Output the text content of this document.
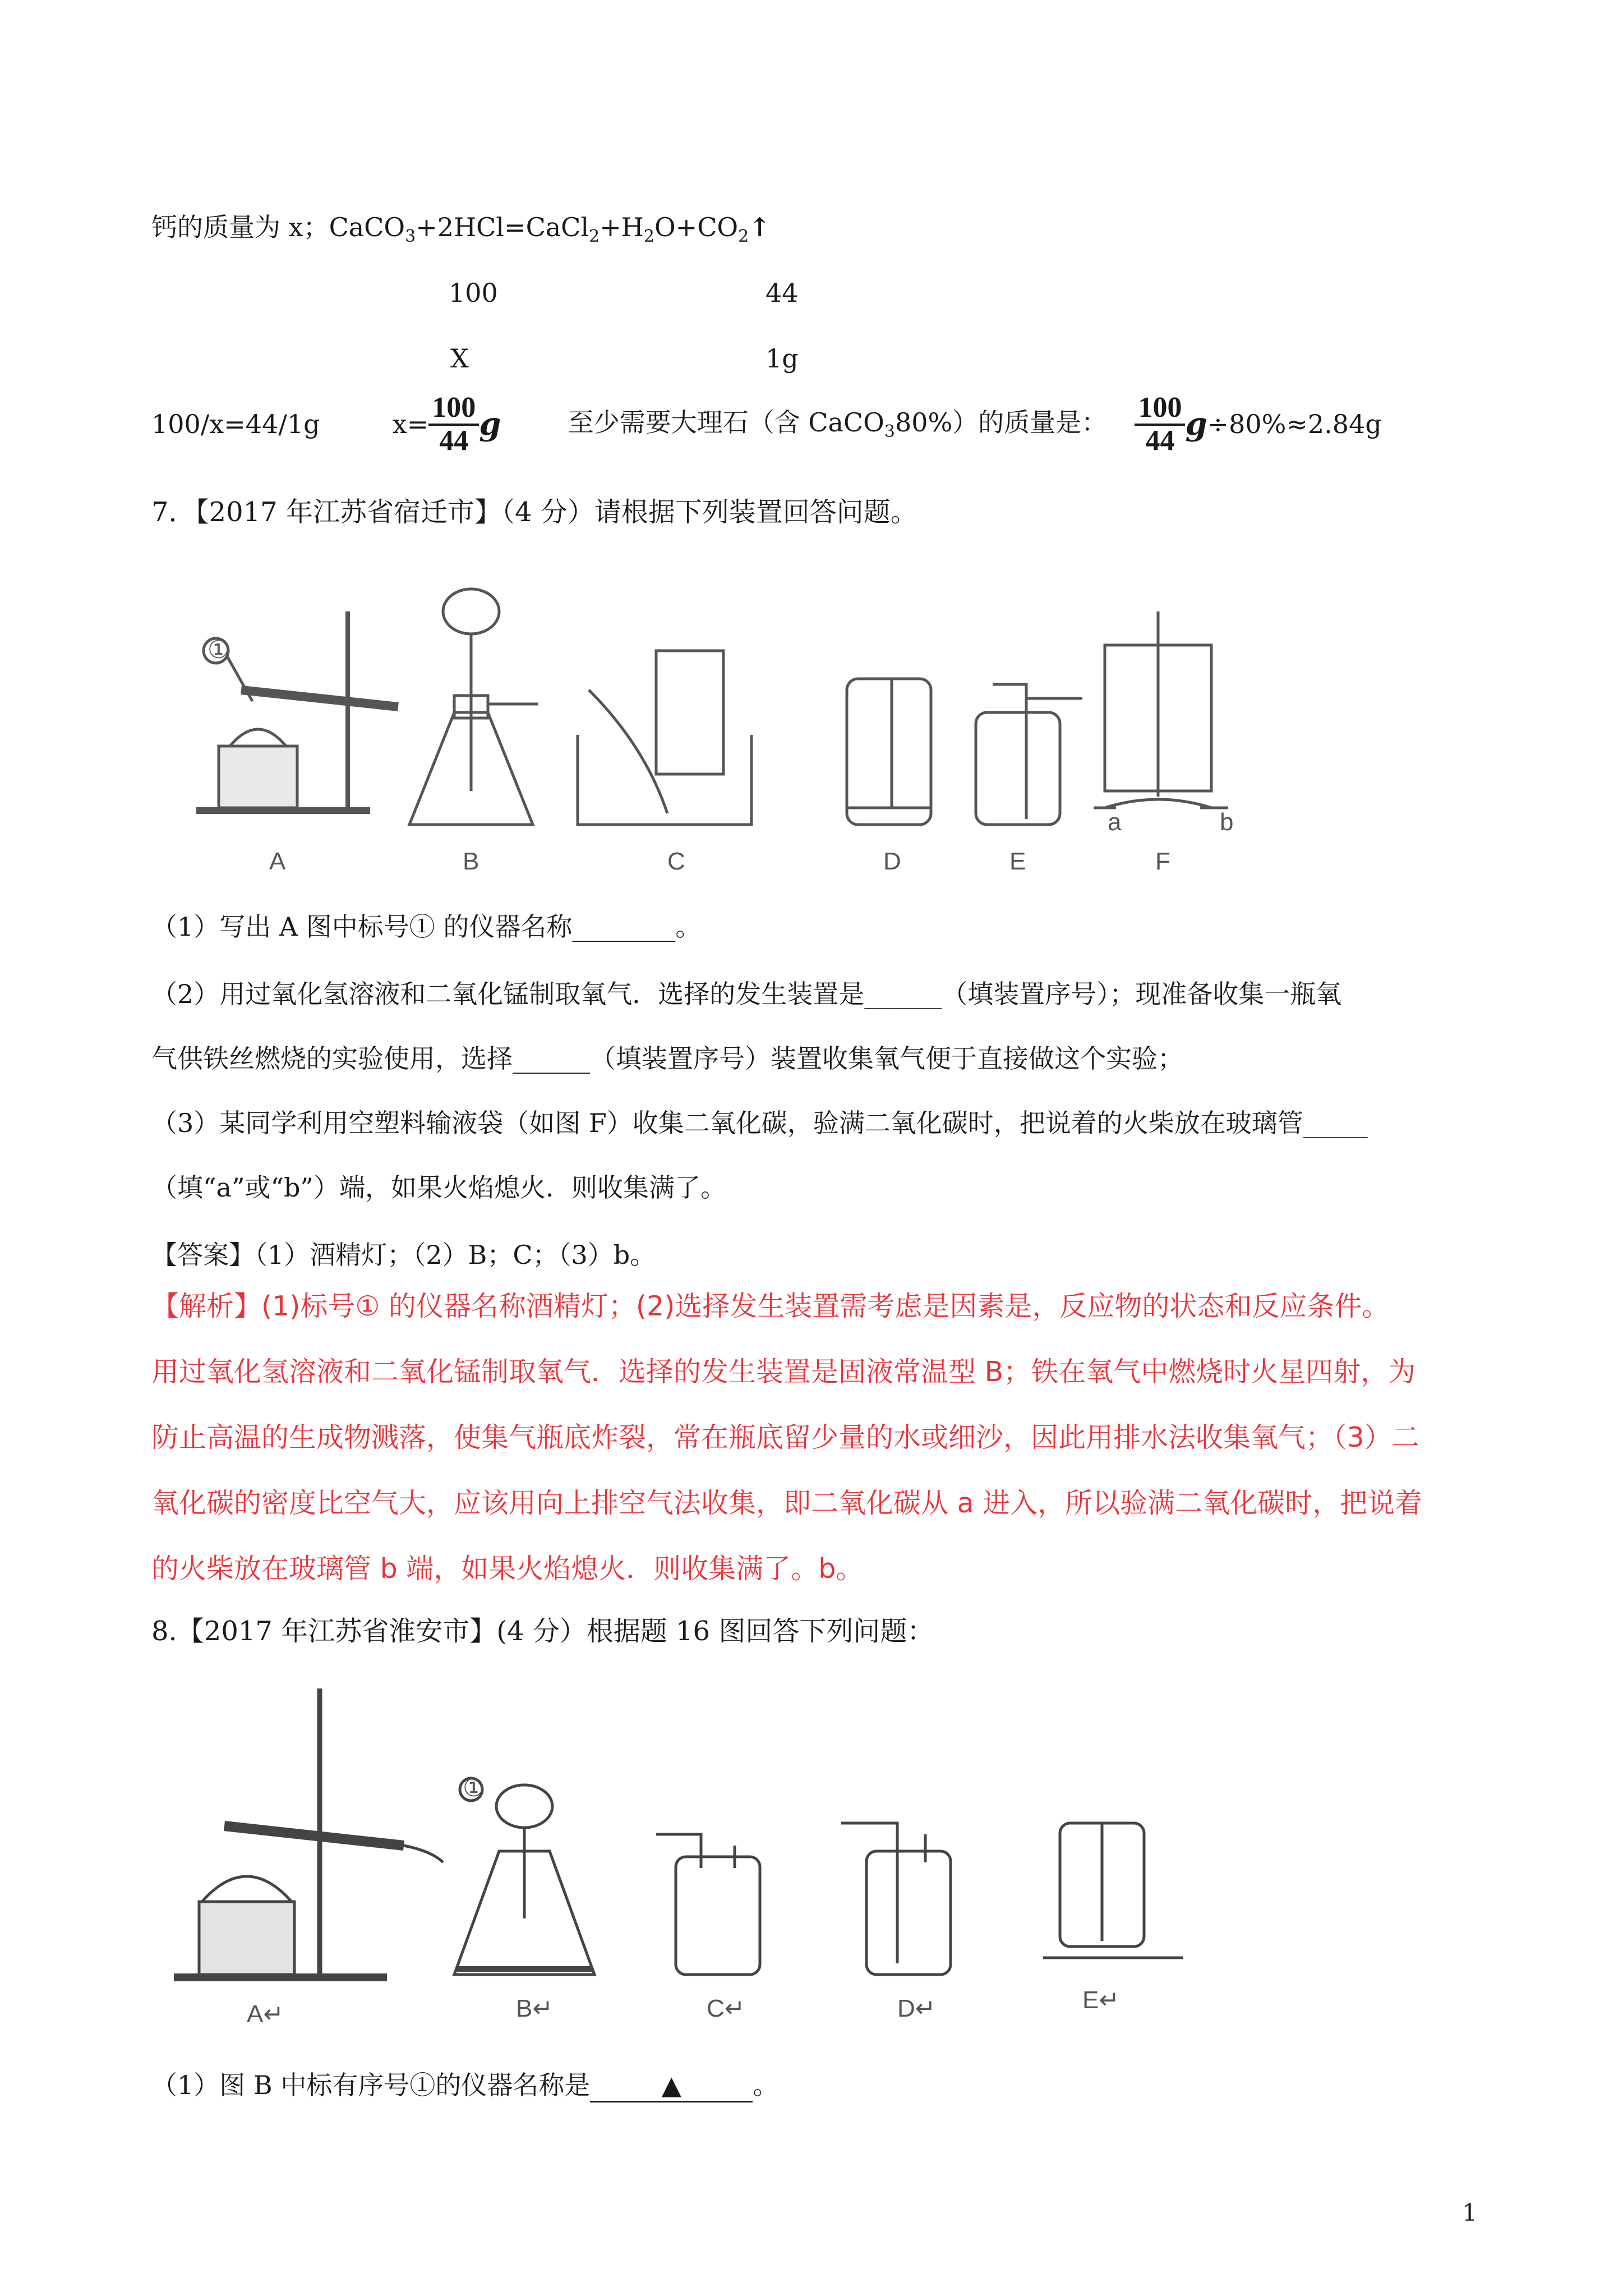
钙的质量为 x；$CaCO_3+2HCl=CaCl_2+H_2O+CO_2↑$
100	44
X	1g
100/x=44/1g	$x= \frac{100}{44}$ g	至少需要大理石（含 CaCO$_3$80%）的质量是： $\frac{100}{44} g\div 80\%\approx 2.84g$
7．【2017 年江苏省宿迁市】（4 分）请根据下列装置回答问题。
①
a	b
A	B	C	D	E	F
（1）写出 A 图中标号① 的仪器名称________。
（2）用过氧化氢溶液和二氧化锰制取氧气．选择的发生装置是______（填装置序号）；现准备收集一瓶氧
气供铁丝燃烧的实验使用，选择______（填装置序号）装置收集氧气便于直接做这个实验；
（3）某同学利用空塑料输液袋（如图 F）收集二氧化碳，验满二氧化碳时，把说着的火柴放在玻璃管_____
（填“a”或“b”）端，如果火焰熄火．则收集满了。
【答案】（1）酒精灯；（2）B；C；（3）b。
【解析】(1)标号① 的仪器名称酒精灯；(2)选择发生装置需考虑是因素是，反应物的状态和反应条件。
用过氧化氢溶液和二氧化锰制取氧气．选择的发生装置是固液常温型 B；铁在氧气中燃烧时火星四射，为
防止高温的生成物溅落，使集气瓶底炸裂，常在瓶底留少量的水或细沙，因此用排水法收集氧气；（3）二
氧化碳的密度比空气大，应该用向上排空气法收集，即二氧化碳从 a 进入，所以验满二氧化碳时，把说着
的火柴放在玻璃管 b 端，如果火焰熄火．则收集满了。b。
8.【2017 年江苏省淮安市】(4 分）根据题 16 图回答下列问题：
①
A↵	B↵	C↵	D↵	E↵
（1）图 B 中标有序号①的仪器名称是	▲	。
1
